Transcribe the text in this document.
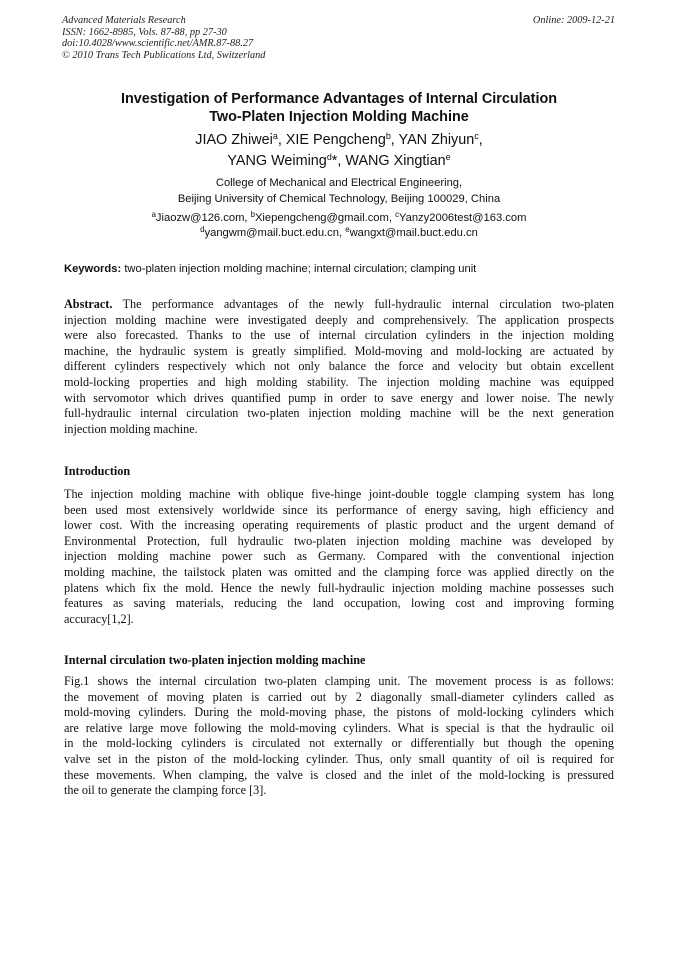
Advanced Materials Research
ISSN: 1662-8985, Vols. 87-88, pp 27-30
doi:10.4028/www.scientific.net/AMR.87-88.27
© 2010 Trans Tech Publications Ltd, Switzerland
Online: 2009-12-21
Investigation of Performance Advantages of Internal Circulation
Two-Platen Injection Molding Machine
JIAO Zhiwei$^a$, XIE Pengcheng$^b$, YAN Zhiyun$^c$,
YANG Weiming$^d$*, WANG Xingtian$^e$
College of Mechanical and Electrical Engineering,
Beijing University of Chemical Technology, Beijing 100029, China
$^a$Jiaozw@126.com, $^b$Xiepengcheng@gmail.com, $^c$Yanzy2006test@163.com
$^d$yangwm@mail.buct.edu.cn, $^e$wangxt@mail.buct.edu.cn
Keywords: two-platen injection molding machine; internal circulation; clamping unit
Abstract. The performance advantages of the newly full-hydraulic internal circulation two-platen
injection molding machine were investigated deeply and comprehensively. The application prospects
were also forecasted. Thanks to the use of internal circulation cylinders in the injection molding
machine, the hydraulic system is greatly simplified. Mold-moving and mold-locking are actuated by
different cylinders respectively which not only balance the force and velocity but obtain excellent
mold-locking properties and high molding stability. The injection molding machine was equipped
with servomotor which drives quantified pump in order to save energy and lower noise. The newly
full-hydraulic internal circulation two-platen injection molding machine will be the next generation
injection molding machine.
Introduction
The injection molding machine with oblique five-hinge joint-double toggle clamping system has long
been used most extensively worldwide since its performance of energy saving, high efficiency and
lower cost. With the increasing operating requirements of plastic product and the urgent demand of
Environmental Protection, full hydraulic two-platen injection molding machine was developed by
injection molding machine power such as Germany. Compared with the conventional injection
molding machine, the tailstock platen was omitted and the clamping force was applied directly on the
platens which fix the mold. Hence the newly full-hydraulic injection molding machine possesses such
features as saving materials, reducing the land occupation, lowing cost and improving forming
accuracy[1,2].
Internal circulation two-platen injection molding machine
Fig.1 shows the internal circulation two-platen clamping unit. The movement process is as follows:
the movement of moving platen is carried out by 2 diagonally small-diameter cylinders called as
mold-moving cylinders. During the mold-moving phase, the pistons of mold-locking cylinders which
are relative large move following the mold-moving cylinders. What is special is that the hydraulic oil
in the mold-locking cylinders is circulated not externally or differentially but though the opening
valve set in the piston of the mold-locking cylinder. Thus, only small quantity of oil is required for
these movements. When clamping, the valve is closed and the inlet of the mold-locking is pressured
the oil to generate the clamping force [3].
